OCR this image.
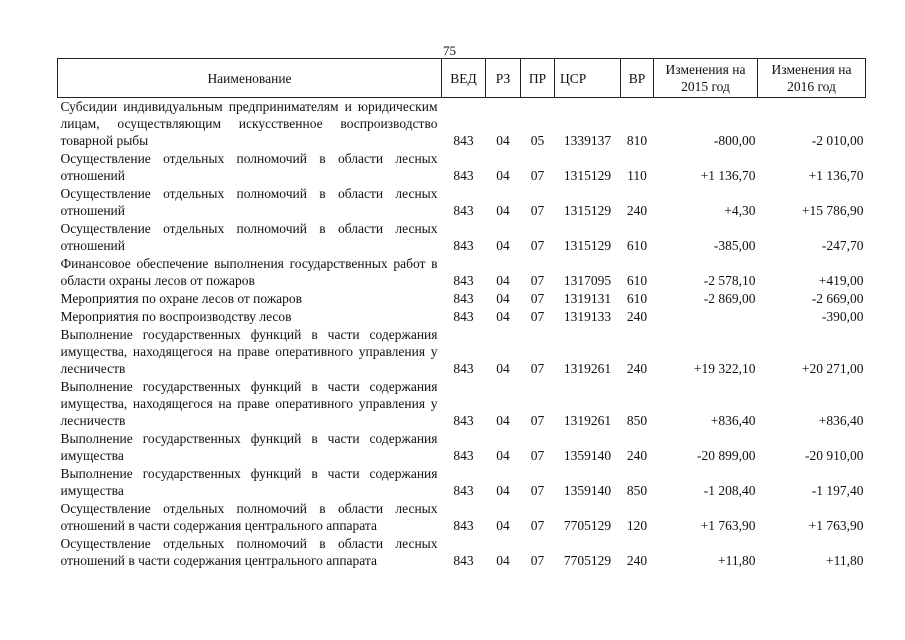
75
Наименование	ВЕД	РЗ	ПР	ЦСР	ВР	Изменения на 2015 год	Изменения на 2016 год
Субсидии индивидуальным предпринимателям и юридическим лицам, осуществляющим искусственное воспроизводство товарной рыбы	843	04	05	1339137	810	-800,00	-2 010,00
Осуществление отдельных полномочий в области лесных отношений	843	04	07	1315129	110	+1 136,70	+1 136,70
Осуществление отдельных полномочий в области лесных отношений	843	04	07	1315129	240	+4,30	+15 786,90
Осуществление отдельных полномочий в области лесных отношений	843	04	07	1315129	610	-385,00	-247,70
Финансовое обеспечение выполнения государственных работ в области охраны лесов от пожаров	843	04	07	1317095	610	-2 578,10	+419,00
Мероприятия по охране лесов от пожаров	843	04	07	1319131	610	-2 869,00	-2 669,00
Мероприятия по воспроизводству лесов	843	04	07	1319133	240		-390,00
Выполнение государственных функций в части содержания имущества, находящегося на праве оперативного управления у лесничеств	843	04	07	1319261	240	+19 322,10	+20 271,00
Выполнение государственных функций в части содержания имущества, находящегося на праве оперативного управления у лесничеств	843	04	07	1319261	850	+836,40	+836,40
Выполнение государственных функций в части содержания имущества	843	04	07	1359140	240	-20 899,00	-20 910,00
Выполнение государственных функций в части содержания имущества	843	04	07	1359140	850	-1 208,40	-1 197,40
Осуществление отдельных полномочий в области лесных отношений в части содержания центрального аппарата	843	04	07	7705129	120	+1 763,90	+1 763,90
Осуществление отдельных полномочий в области лесных отношений в части содержания центрального аппарата	843	04	07	7705129	240	+11,80	+11,80
